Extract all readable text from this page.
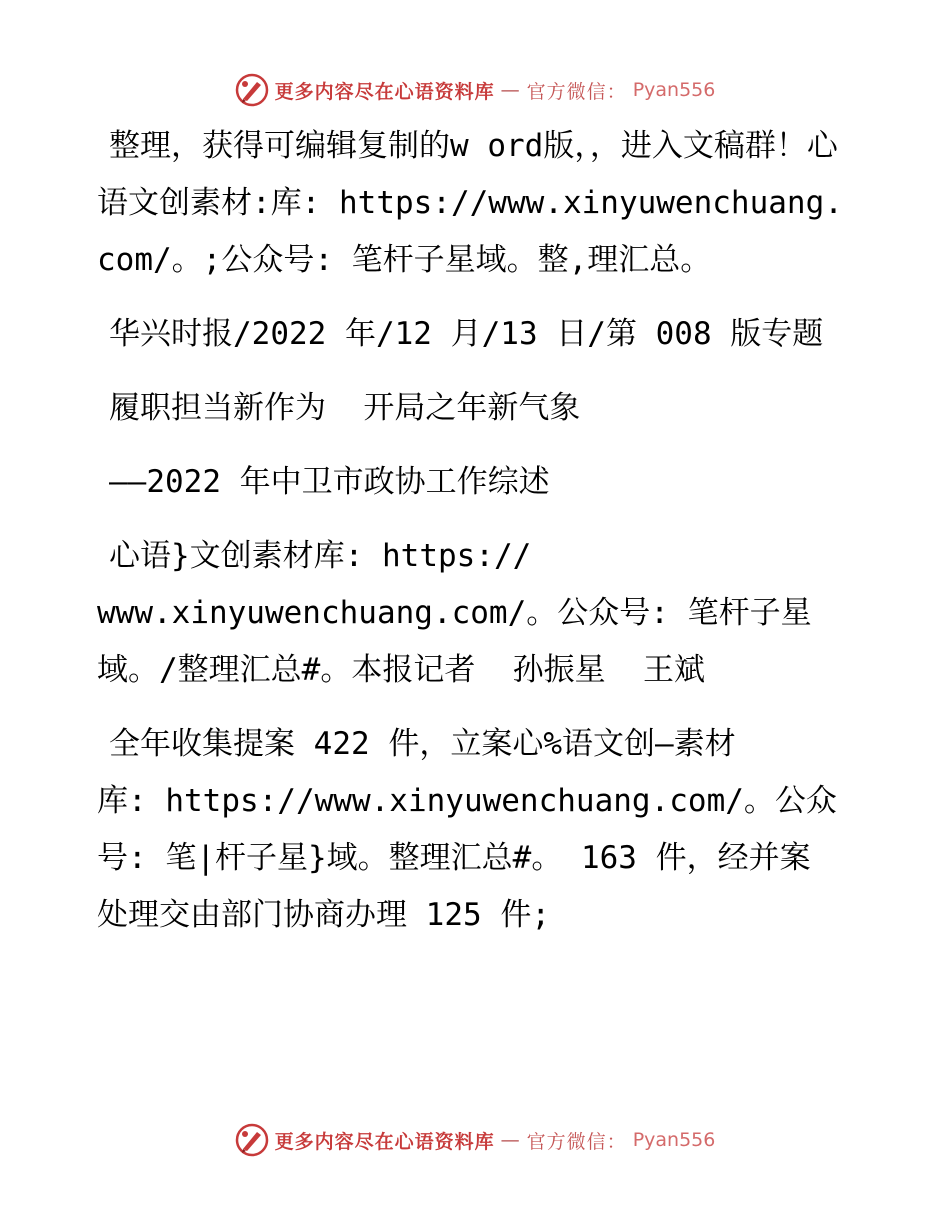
更多内容尽在心语资料库 — 官方微信： Pyan556

整理，获得可编辑复制的w ord版，，进入文稿群！心语文创素材:库: https://www.xinyuwenchuang.com/。;公众号: 笔杆子星域。整,理汇总。

华兴时报/2022 年/12 月/13 日/第 008 版专题

履职担当新作为  开局之年新气象

——2022 年中卫市政协工作综述

心语}文创素材库: https://

www.xinyuwenchuang.com/。公众号: 笔杆子星

域。/整理汇总#。本报记者  孙振星  王斌

全年收集提案 422 件，立案心%语文创—素材

库: https://www.xinyuwenchuang.com/。公众

号: 笔|杆子星}域。整理汇总#。 163 件，经并案

处理交由部门协商办理 125 件;

更多内容尽在心语资料库 — 官方微信： Pyan556
